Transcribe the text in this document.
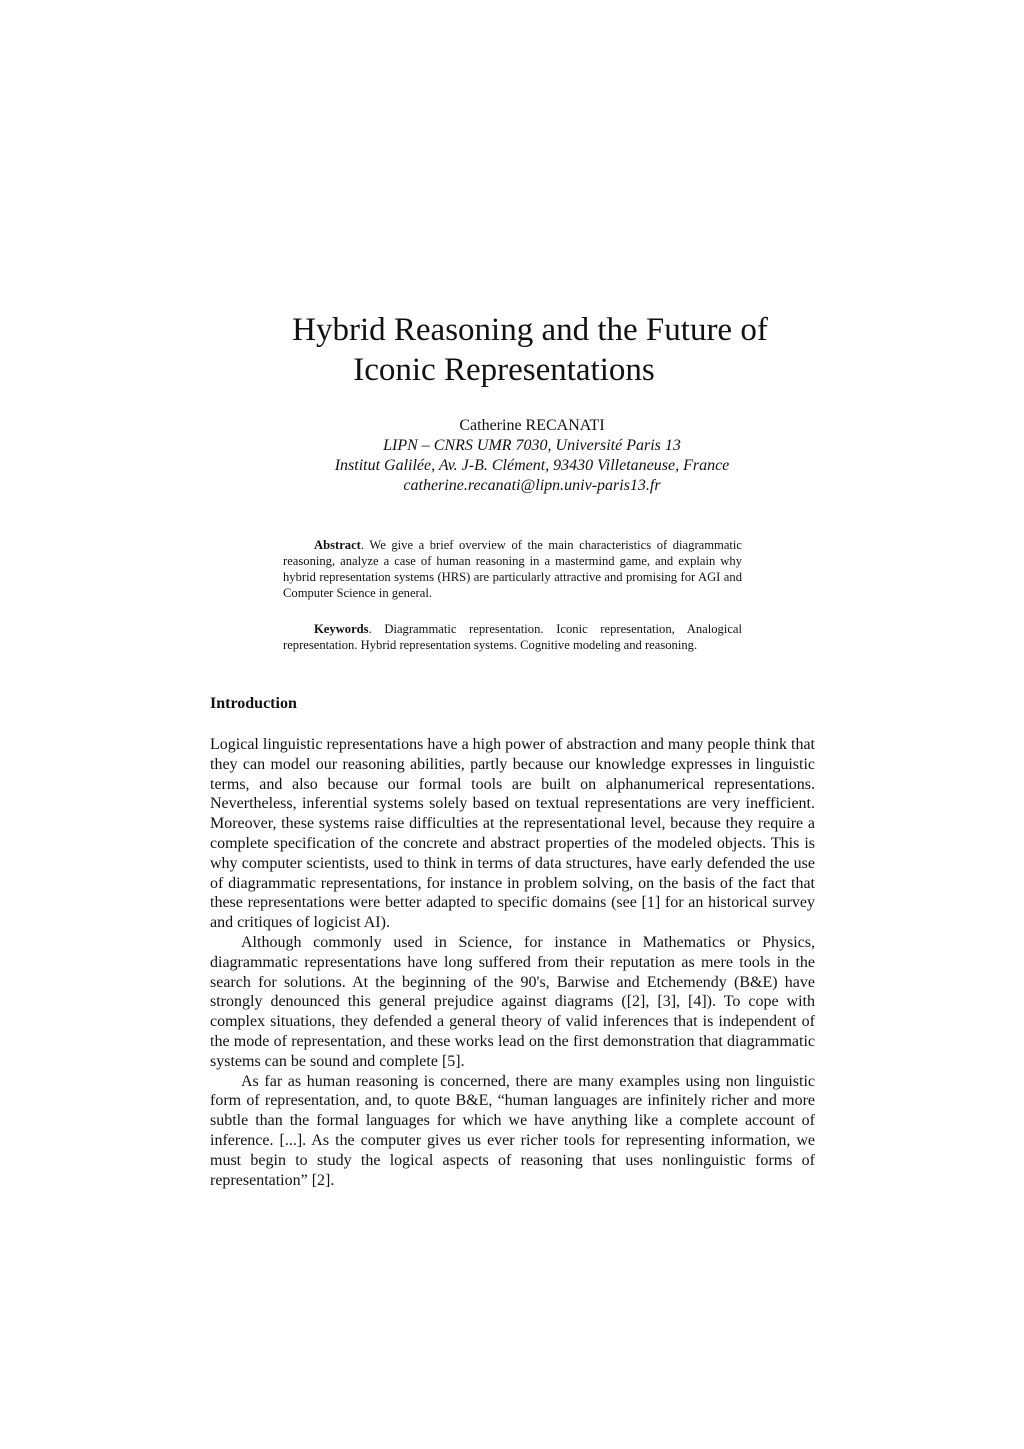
Hybrid Reasoning and the Future of
Iconic Representations
Catherine RECANATI
LIPN – CNRS UMR 7030, Université Paris 13
Institut Galilée, Av. J-B. Clément, 93430 Villetaneuse, France
catherine.recanati@lipn.univ-paris13.fr

Abstract. We give a brief overview of the main characteristics of diagrammatic reasoning, analyze a case of human reasoning in a mastermind game, and explain why hybrid representation systems (HRS) are particularly attractive and promising for AGI and Computer Science in general.

Keywords. Diagrammatic representation. Iconic representation, Analogical representation. Hybrid representation systems. Cognitive modeling and reasoning.

Introduction

Logical linguistic representations have a high power of abstraction and many people think that they can model our reasoning abilities, partly because our knowledge expresses in linguistic terms, and also because our formal tools are built on alphanumerical representations. Nevertheless, inferential systems solely based on textual representations are very inefficient. Moreover, these systems raise difficulties at the representational level, because they require a complete specification of the concrete and abstract properties of the modeled objects. This is why computer scientists, used to think in terms of data structures, have early defended the use of diagrammatic representations, for instance in problem solving, on the basis of the fact that these representations were better adapted to specific domains (see [1] for an historical survey and critiques of logicist AI).

Although commonly used in Science, for instance in Mathematics or Physics, diagrammatic representations have long suffered from their reputation as mere tools in the search for solutions. At the beginning of the 90's, Barwise and Etchemendy (B&E) have strongly denounced this general prejudice against diagrams ([2], [3], [4]). To cope with complex situations, they defended a general theory of valid inferences that is independent of the mode of representation, and these works lead on the first demonstration that diagrammatic systems can be sound and complete [5].

As far as human reasoning is concerned, there are many examples using non linguistic form of representation, and, to quote B&E, “human languages are infinitely richer and more subtle than the formal languages for which we have anything like a complete account of inference. [...]. As the computer gives us ever richer tools for representing information, we must begin to study the logical aspects of reasoning that uses nonlinguistic forms of representation” [2].
